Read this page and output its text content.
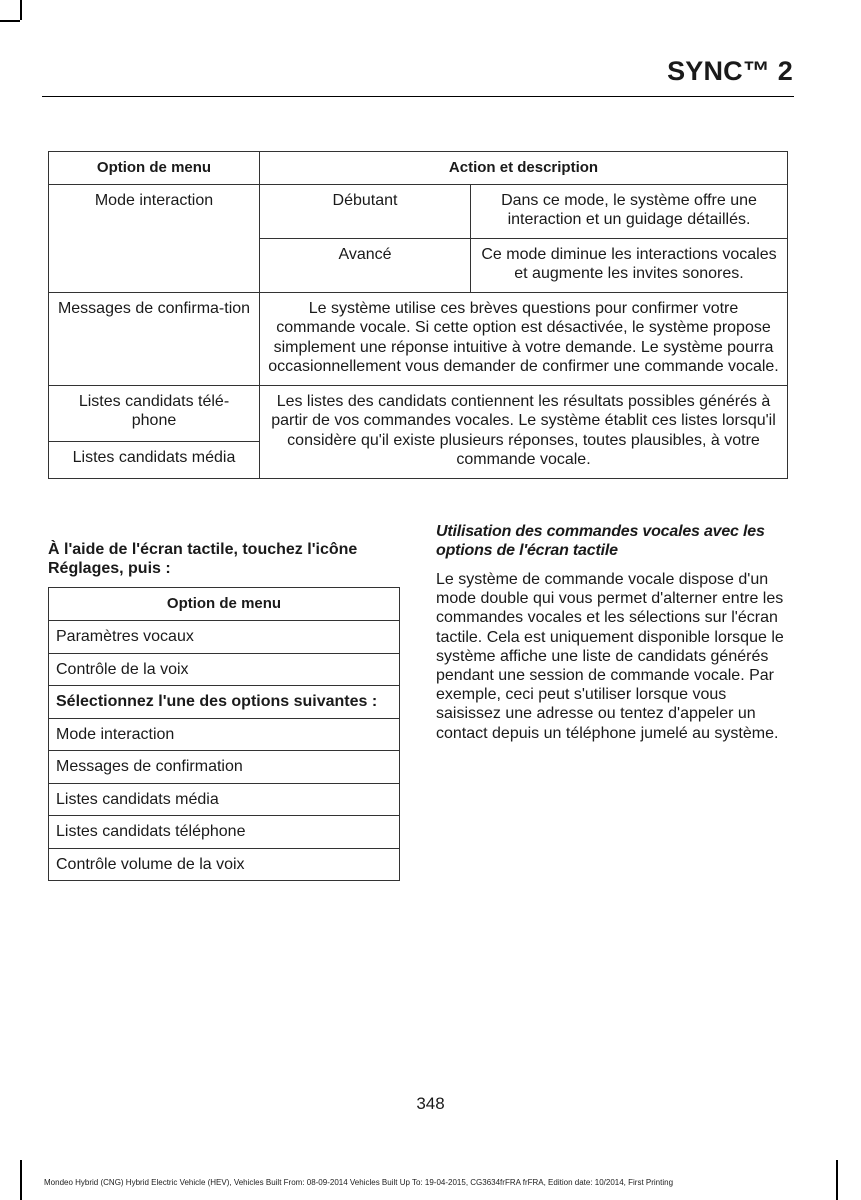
SYNC™ 2
Option de menu	Action et description	
Mode interaction	Débutant	Dans ce mode, le système offre une interaction et un guidage détaillés.
	Avancé	Ce mode diminue les interactions vocales et augmente les invites sonores.
Messages de confirma-tion	Le système utilise ces brèves questions pour confirmer votre commande vocale. Si cette option est désactivée, le système propose simplement une réponse intuitive à votre demande. Le système pourra occasionnellement vous demander de confirmer une commande vocale.	
Listes candidats télé-phone	Les listes des candidats contiennent les résultats possibles générés à partir de vos commandes vocales. Le système établit ces listes lorsqu'il considère qu'il existe plusieurs réponses, toutes plausibles, à votre commande vocale.	
Listes candidats média		
À l'aide de l'écran tactile, touchez l'icône Réglages, puis :
Option de menu
Paramètres vocaux
Contrôle de la voix
Sélectionnez l'une des options suivantes :
Mode interaction
Messages de confirmation
Listes candidats média
Listes candidats téléphone
Contrôle volume de la voix
Utilisation des commandes vocales avec les options de l'écran tactile
Le système de commande vocale dispose d'un mode double qui vous permet d'alterner entre les commandes vocales et les sélections sur l'écran tactile. Cela est uniquement disponible lorsque le système affiche une liste de candidats générés pendant une session de commande vocale. Par exemple, ceci peut s'utiliser lorsque vous saisissez une adresse ou tentez d'appeler un contact depuis un téléphone jumelé au système.
348
Mondeo Hybrid (CNG) Hybrid Electric Vehicle (HEV), Vehicles Built From: 08-09-2014 Vehicles Built Up To: 19-04-2015, CG3634frFRA frFRA, Edition date: 10/2014, First Printing
